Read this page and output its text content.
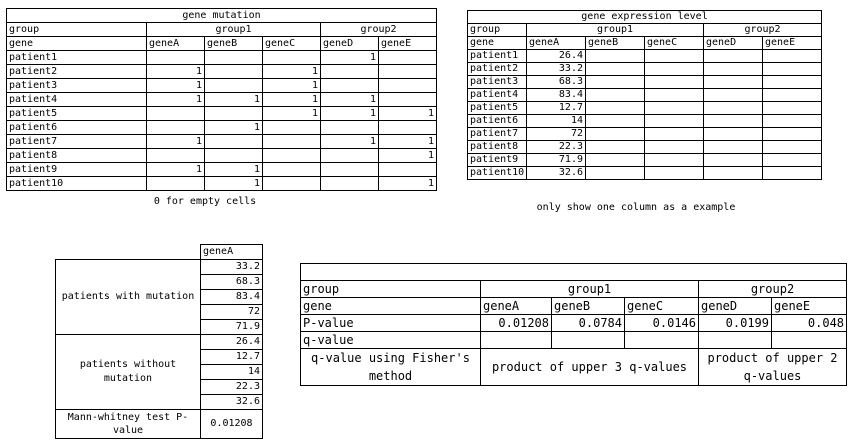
gene mutation					
group	group1			group2	
gene	geneA	geneB	geneC	geneD	geneE
patient1				1	
patient2	1		1		
patient3	1		1		
patient4	1	1	1	1	
patient5			1	1	1
patient6		1			
patient7	1			1	1
patient8					1
patient9	1	1			
patient10		1			1
0 for empty cells
gene expression level					
group	group1			group2	
gene	geneA	geneB	geneC	geneD	geneE
patient1	26.4				
patient2	33.2				
patient3	68.3				
patient4	83.4				
patient5	12.7				
patient6	14				
patient7	72				
patient8	22.3				
patient9	71.9				
patient10	32.6				
only show one column as a example
	geneA
patients with mutation	33.2
	68.3
	83.4
	72
	71.9
patients without mutation	26.4
	12.7
	14
	22.3
	32.6
Mann-whitney test P-value	0.01208

group	group1			group2	
gene	geneA	geneB	geneC	geneD	geneE
P-value	0.01208	0.0784	0.0146	0.0199	0.048
q-value					
q-value using Fisher's method	product of upper 3 q-values			product of upper 2 q-values	
